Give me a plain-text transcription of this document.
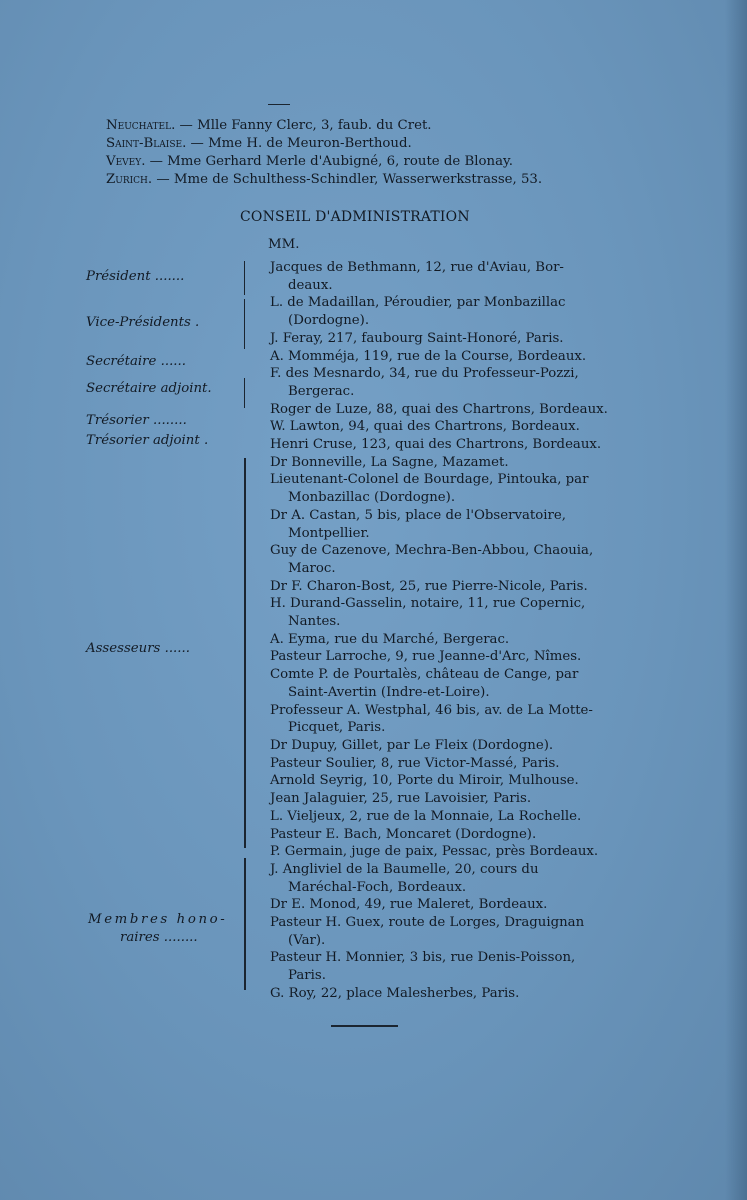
Neuchatel. — Mlle Fanny Clerc, 3, faub. du Cret.
Saint-Blaise. — Mme H. de Meuron-Berthoud.
Vevey. — Mme Gerhard Merle d'Aubigné, 6, route de Blonay.
Zurich. — Mme de Schulthess-Schindler, Wasserwerkstrasse, 53.
CONSEIL D'ADMINISTRATION
MM.
Président .......
Vice-Présidents .
Secrétaire ......
Secrétaire adjoint.
Trésorier ........
Trésorier adjoint .
Assesseurs ......
Membres hono-
raires ........
Jacques de Bethmann, 12, rue d'Aviau, Bor-
deaux.
L. de Madaillan, Péroudier, par Monbazillac
(Dordogne).
J. Feray, 217, faubourg Saint-Honoré, Paris.
A. Momméja, 119, rue de la Course, Bordeaux.
F. des Mesnardo, 34, rue du Professeur-Pozzi,
Bergerac.
Roger de Luze, 88, quai des Chartrons, Bordeaux.
W. Lawton, 94, quai des Chartrons, Bordeaux.
Henri Cruse, 123, quai des Chartrons, Bordeaux.
Dr Bonneville, La Sagne, Mazamet.
Lieutenant-Colonel de Bourdage, Pintouka, par
Monbazillac (Dordogne).
Dr A. Castan, 5 bis, place de l'Observatoire,
Montpellier.
Guy de Cazenove, Mechra-Ben-Abbou, Chaouia,
Maroc.
Dr F. Charon-Bost, 25, rue Pierre-Nicole, Paris.
H. Durand-Gasselin, notaire, 11, rue Copernic,
Nantes.
A. Eyma, rue du Marché, Bergerac.
Pasteur Larroche, 9, rue Jeanne-d'Arc, Nîmes.
Comte P. de Pourtalès, château de Cange, par
Saint-Avertin (Indre-et-Loire).
Professeur A. Westphal, 46 bis, av. de La Motte-
Picquet, Paris.
Dr Dupuy, Gillet, par Le Fleix (Dordogne).
Pasteur Soulier, 8, rue Victor-Massé, Paris.
Arnold Seyrig, 10, Porte du Miroir, Mulhouse.
Jean Jalaguier, 25, rue Lavoisier, Paris.
L. Vieljeux, 2, rue de la Monnaie, La Rochelle.
Pasteur E. Bach, Moncaret (Dordogne).
P. Germain, juge de paix, Pessac, près Bordeaux.
J. Angliviel de la Baumelle, 20, cours du
Maréchal-Foch, Bordeaux.
Dr E. Monod, 49, rue Maleret, Bordeaux.
Pasteur H. Guex, route de Lorges, Draguignan
(Var).
Pasteur H. Monnier, 3 bis, rue Denis-Poisson,
Paris.
G. Roy, 22, place Malesherbes, Paris.
